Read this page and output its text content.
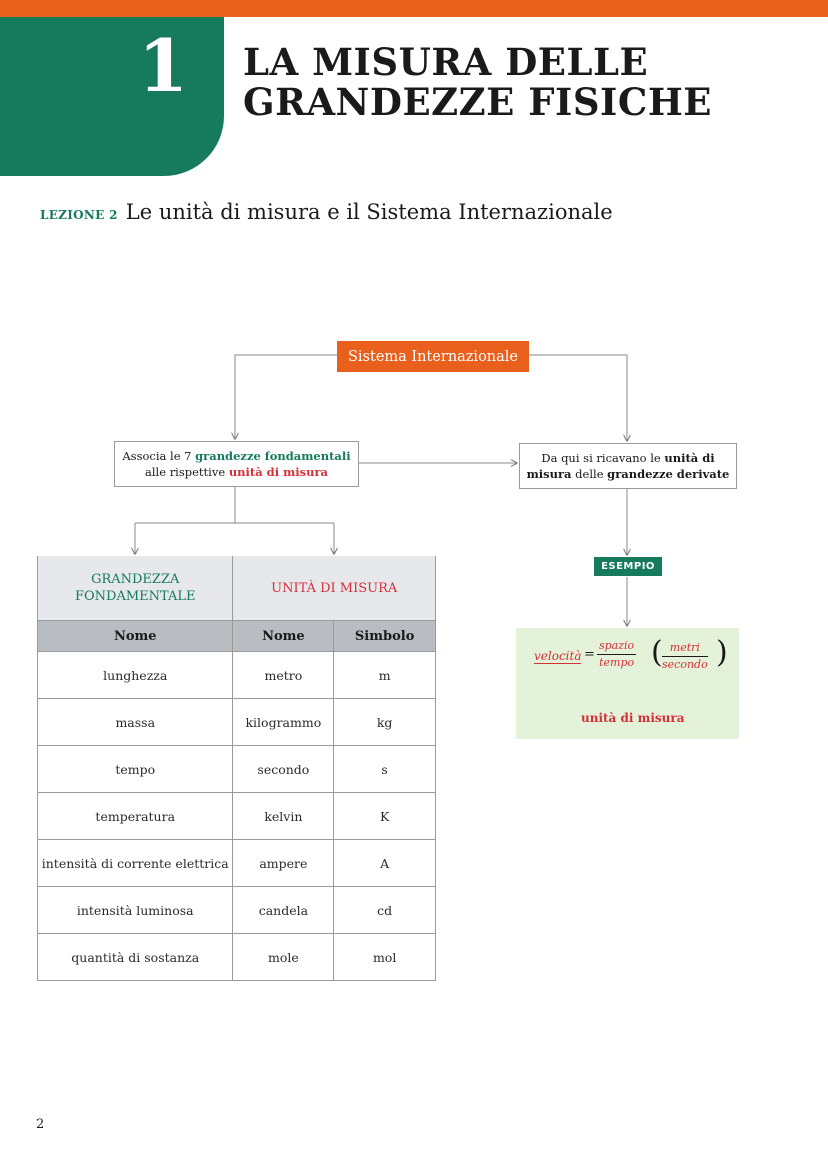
1 LA MISURA DELLE
GRANDEZZE FISICHE
LEZIONE 2 Le unità di misura e il Sistema Internazionale
Sistema Internazionale
Associa le 7 grandezze fondamentali
alle rispettive unità di misura
Da qui si ricavano le unità di
misura delle grandezze derivate
ESEMPIO
velocità =
spazio
tempo ( metri
secondo )
unità di misura
GRANDEZZA FONDAMENTALE	UNITÀ DI MISURA	
Nome	Nome	Simbolo
lunghezza	metro	m
massa	kilogrammo	kg
tempo	secondo	s
temperatura	kelvin	K
intensità di corrente elettrica	ampere	A
intensità luminosa	candela	cd
quantità di sostanza	mole	mol
2
